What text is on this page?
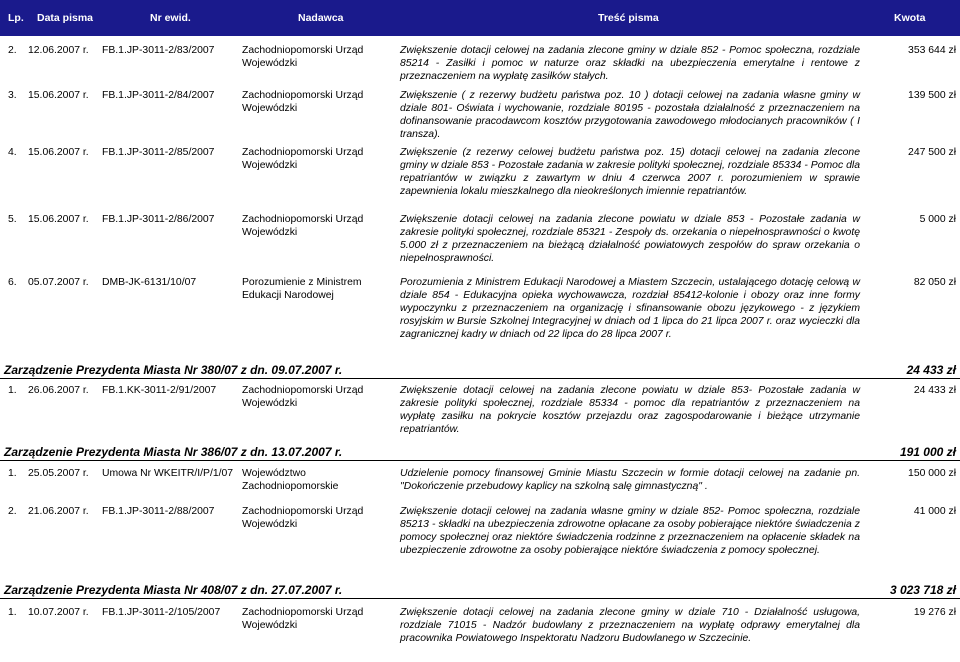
Lp. Data pisma	Nr ewid.	Nadawca	Treść pisma	Kwota
2. 12.06.2007 r. FB.1.JP-3011-2/83/2007	Zachodniopomorski Urząd Wojewódzki
Zwiększenie dotacji celowej na zadania zlecone gminy w dziale 852 - Pomoc społeczna, rozdziale 85214 - Zasiłki i pomoc w naturze oraz składki na ubezpieczenia emerytalne i rentowe z przeznaczeniem na wypłatę zasiłków stałych.
353 644 zł
3. 15.06.2007 r. FB.1.JP-3011-2/84/2007	Zachodniopomorski Urząd Wojewódzki
Zwiększenie ( z rezerwy budżetu państwa poz. 10 ) dotacji celowej na zadania własne gminy w dziale 801- Oświata i wychowanie, rozdziale 80195 - pozostała działalność z przeznaczeniem na dofinansowanie pracodawcom kosztów przygotowania zawodowego młodocianych pracowników ( I transza).
139 500 zł
4. 15.06.2007 r. FB.1.JP-3011-2/85/2007	Zachodniopomorski Urząd Wojewódzki
Zwiększenie (z rezerwy celowej budżetu państwa poz. 15) dotacji celowej na zadania zlecone gminy w dziale 853 - Pozostałe zadania w zakresie polityki społecznej, rozdziale 85334 - Pomoc dla repatriantów w związku z zawartym w dniu 4 czerwca 2007 r. porozumieniem w sprawie zapewnienia lokalu mieszkalnego dla nieokreślonych imiennie repatriantów.
247 500 zł
5. 15.06.2007 r. FB.1.JP-3011-2/86/2007	Zachodniopomorski Urząd Wojewódzki
Zwiększenie dotacji celowej na zadania zlecone powiatu w dziale 853 - Pozostałe zadania w zakresie polityki społecznej, rozdziale 85321 - Zespoły ds. orzekania o niepełnosprawności o kwotę 5.000 zł z przeznaczeniem na bieżącą działalność powiatowych zespołów do spraw orzekania o niepełnosprawności.
5 000 zł
6. 05.07.2007 r. DMB-JK-6131/10/07	Porozumienie z Ministrem Edukacji Narodowej
Porozumienia z Ministrem Edukacji Narodowej a Miastem Szczecin, ustalającego dotację celową w dziale 854 - Edukacyjna opieka wychowawcza, rozdział 85412-kolonie i obozy oraz inne formy wypoczynku z przeznaczeniem na organizację i sfinansowanie obozu językowego - z językiem rosyjskim w Bursie Szkolnej Integracyjnej w dniach od 1 lipca do 21 lipca 2007 r. oraz wycieczki dla zagranicznej kadry w dniach od 22 lipca do 28 lipca 2007 r.
82 050 zł
Zarządzenie Prezydenta Miasta Nr 380/07 z dn. 09.07.2007 r.	24 433 zł
1. 26.06.2007 r. FB.1.KK-3011-2/91/2007 Zachodniopomorski Urząd Wojewódzki
Zwiększenie dotacji celowej na zadania zlecone powiatu w dziale 853- Pozostałe zadania w zakresie polityki społecznej, rozdziale 85334 - pomoc dla repatriantów z przeznaczeniem na wypłatę zasiłku na pokrycie kosztów przejazdu oraz zagospodarowanie i bieżące utrzymanie repatriantów.
24 433 zł
Zarządzenie Prezydenta Miasta Nr 386/07 z dn. 13.07.2007 r.	191 000 zł
1. 25.05.2007 r. Umowa Nr WKEITR/I/P/1/07 Województwo Zachodniopomorskie
Udzielenie pomocy finansowej Gminie Miastu Szczecin w formie dotacji celowej na zadanie pn. "Dokończenie przebudowy kaplicy na szkolną salę gimnastyczną" .
150 000 zł
2. 21.06.2007 r. FB.1.JP-3011-2/88/2007	Zachodniopomorski Urząd Wojewódzki
Zwiększenie dotacji celowej na zadania własne gminy w dziale 852- Pomoc społeczna, rozdziale 85213 - składki na ubezpieczenia zdrowotne opłacane za osoby pobierające niektóre świadczenia z pomocy społecznej oraz niektóre świadczenia rodzinne z przeznaczeniem na opłacenie składek na ubezpieczenie zdrowotne za osoby pobierające niektóre świadczenia z pomocy społecznej.
41 000 zł
Zarządzenie Prezydenta Miasta Nr 408/07 z dn. 27.07.2007 r.	3 023 718 zł
1. 10.07.2007 r. FB.1.JP-3011-2/105/2007 Zachodniopomorski Urząd Wojewódzki
Zwiększenie dotacji celowej na zadania zlecone gminy w dziale 710 - Działalność usługowa, rozdziale 71015 - Nadzór budowlany z przeznaczeniem na wypłatę odprawy emerytalnej dla pracownika Powiatowego Inspektoratu Nadzoru Budowlanego w Szczecinie.
19 276 zł
